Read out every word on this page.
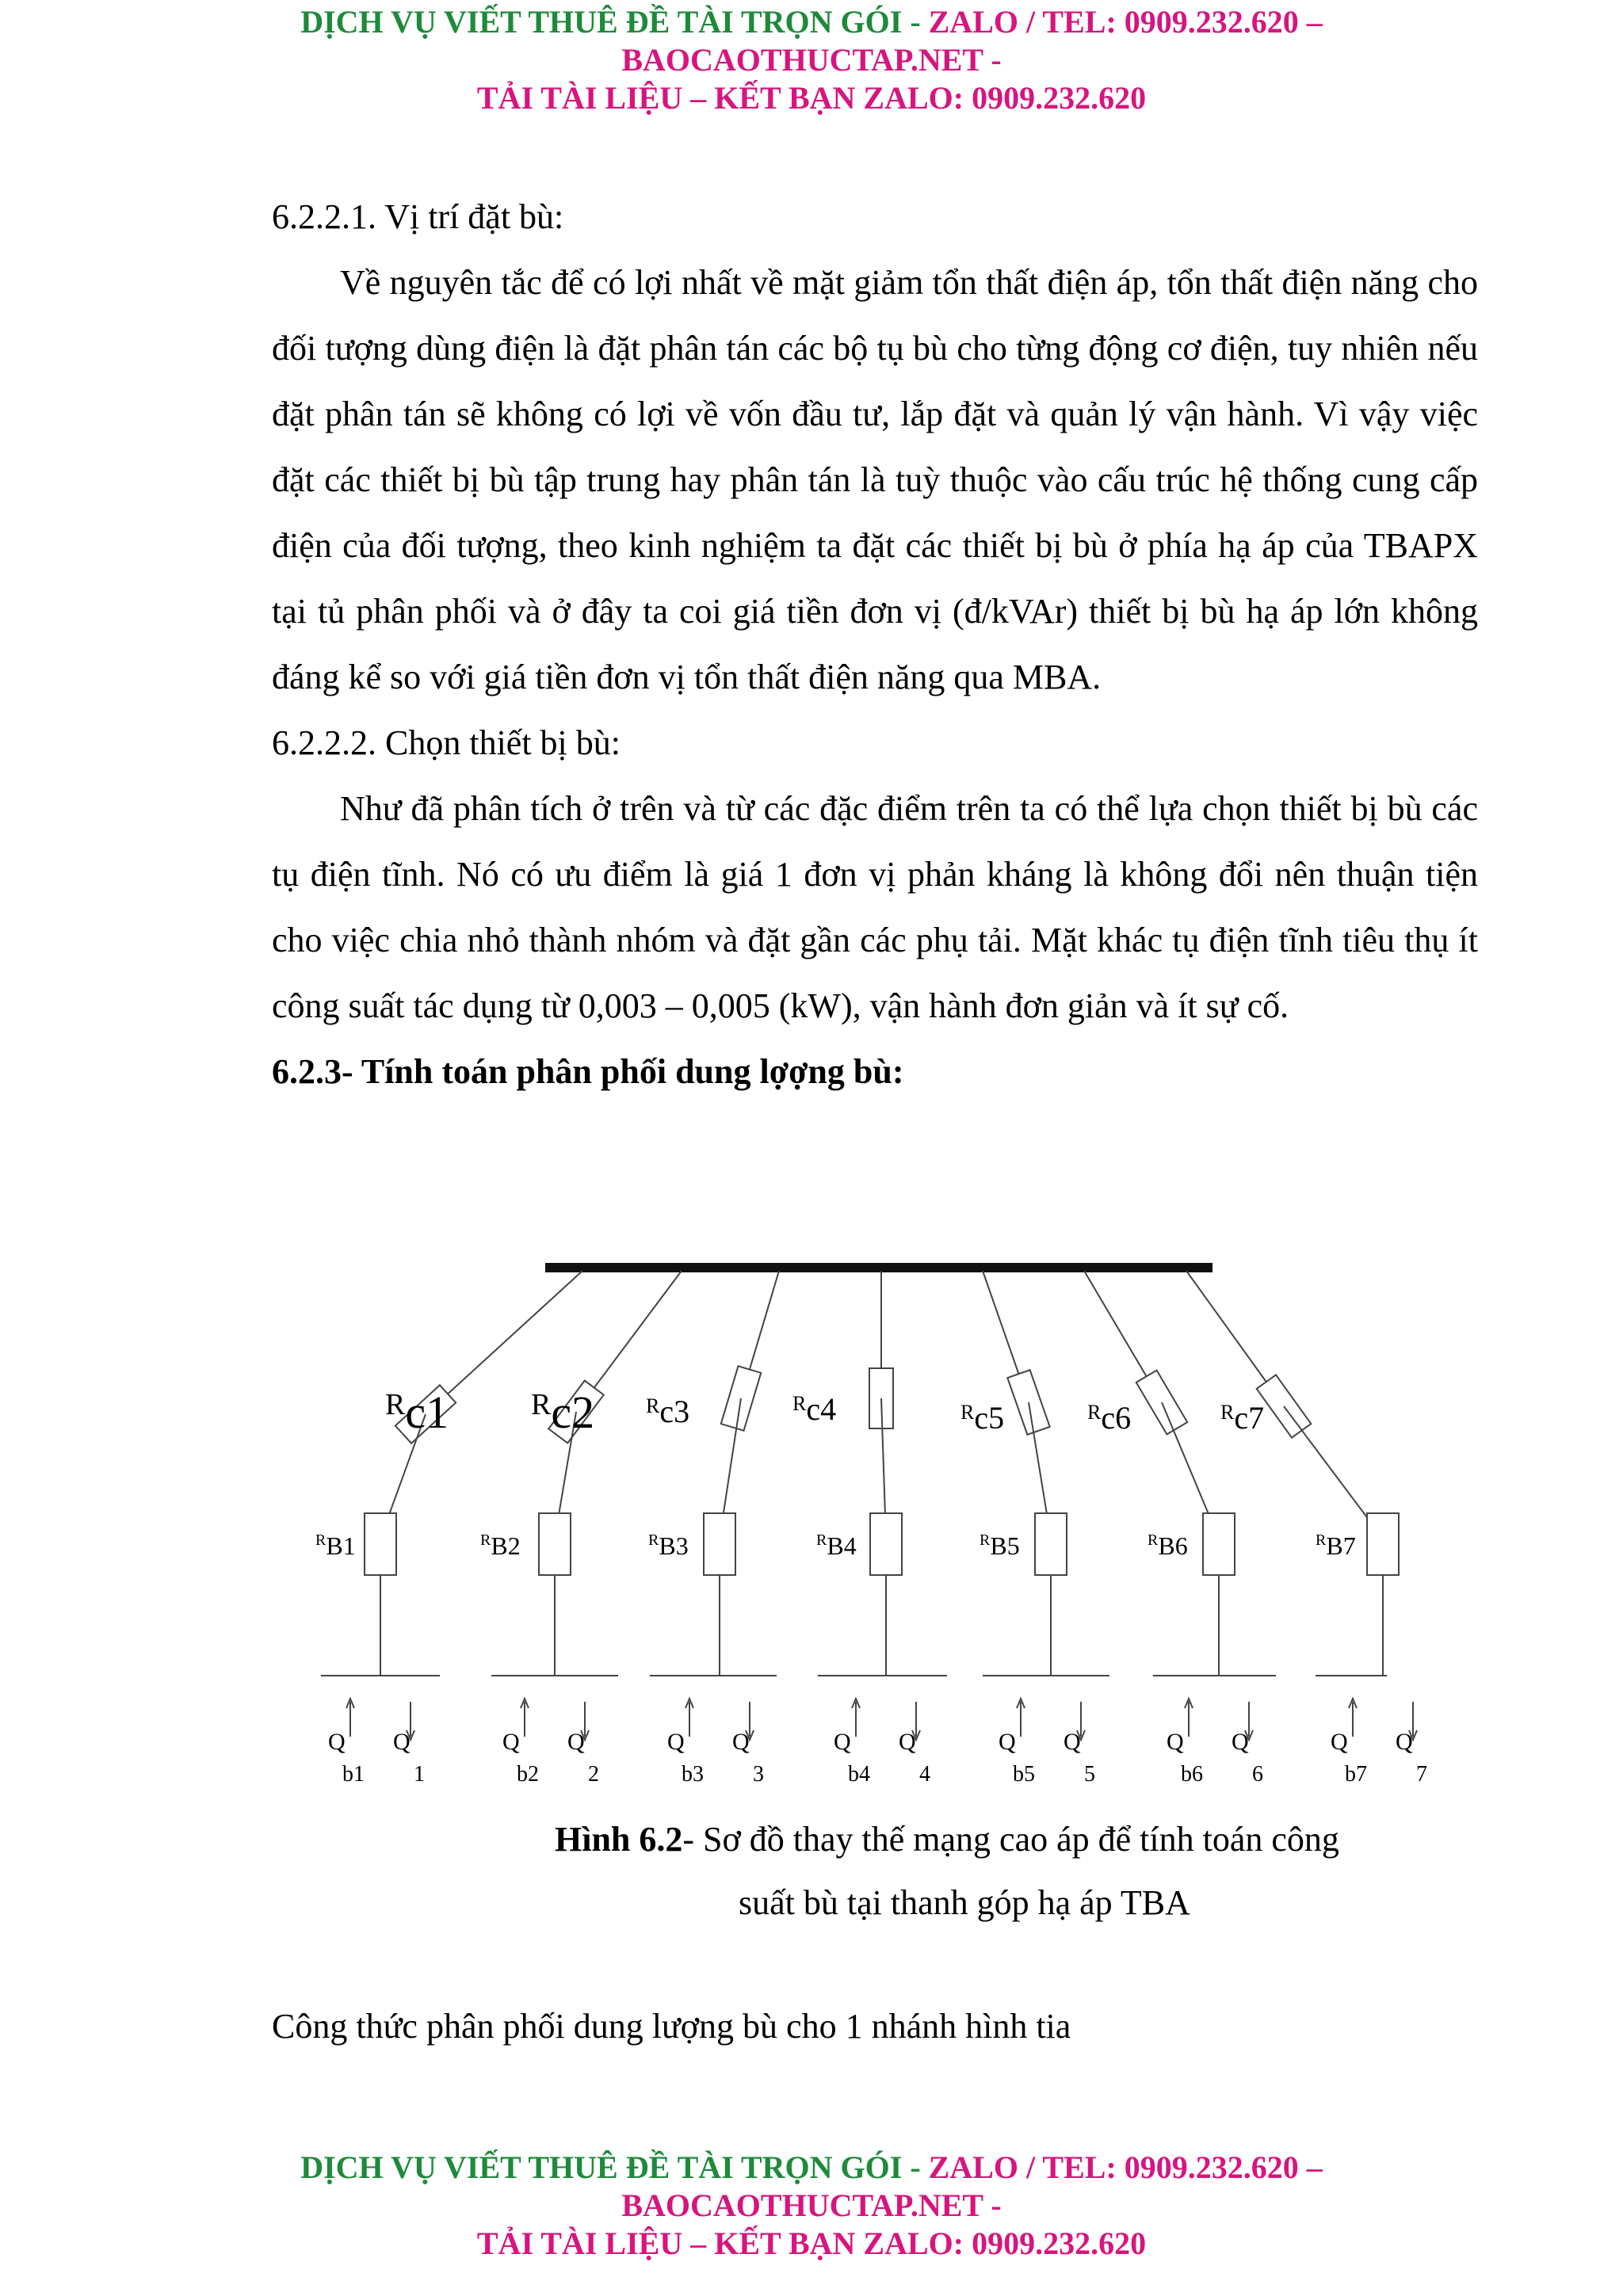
DỊCH VỤ VIẾT THUÊ ĐỀ TÀI TRỌN GÓI - ZALO / TEL: 0909.232.620 –
BAOCAOTHUCTAP.NET -
TẢI TÀI LIỆU – KẾT BẠN ZALO: 0909.232.620

6.2.2.1. Vị trí đặt bù:

Về nguyên tắc để có lợi nhất về mặt giảm tổn thất điện áp, tổn thất điện năng cho đối tượng dùng điện là đặt phân tán các bộ tụ bù cho từng động cơ điện, tuy nhiên nếu đặt phân tán sẽ không có lợi về vốn đầu tư, lắp đặt và quản lý vận hành. Vì vậy việc đặt các thiết bị bù tập trung hay phân tán là tuỳ thuộc vào cấu trúc hệ thống cung cấp điện của đối tượng, theo kinh nghiệm ta đặt các thiết bị bù ở phía hạ áp của TBAPX tại tủ phân phối và ở đây ta coi giá tiền đơn vị (đ/kVAr) thiết bị bù hạ áp lớn không đáng kể so với giá tiền đơn vị tổn thất điện năng qua MBA.

6.2.2.2. Chọn thiết bị bù:

Như đã phân tích ở trên và từ các đặc điểm trên ta có thể lựa chọn thiết bị bù các tụ điện tĩnh. Nó có ưu điểm là giá 1 đơn vị phản kháng là không đổi nên thuận tiện cho việc chia nhỏ thành nhóm và đặt gần các phụ tải. Mặt khác tụ điện tĩnh tiêu thụ ít công suất tác dụng từ 0,003 – 0,005 (kW), vận hành đơn giản và ít sự cố.

6.2.3- Tính toán phân phối dung lợợng bù:

$^R$c1
$^R$B1
Q
b1
Q
1
$^R$c2
$^R$B2
Q
b2
Q
2
$^R$c3
$^R$B3
Q
b3
Q
3
$^R$c4
$^R$B4
Q
b4
Q
4
$^R$c5
$^R$B5
Q
b5
Q
5
$^R$c6
$^R$B6
Q
b6
Q
6
$^R$c7
$^R$B7
Q
b7
Q
7
Hình 6.2- Sơ đồ thay thế mạng cao áp để tính toán công
suất bù tại thanh góp hạ áp TBA
Công thức phân phối dung lượng bù cho 1 nhánh hình tia
DỊCH VỤ VIẾT THUÊ ĐỀ TÀI TRỌN GÓI - ZALO / TEL: 0909.232.620 –
BAOCAOTHUCTAP.NET -
TẢI TÀI LIỆU – KẾT BẠN ZALO: 0909.232.620
